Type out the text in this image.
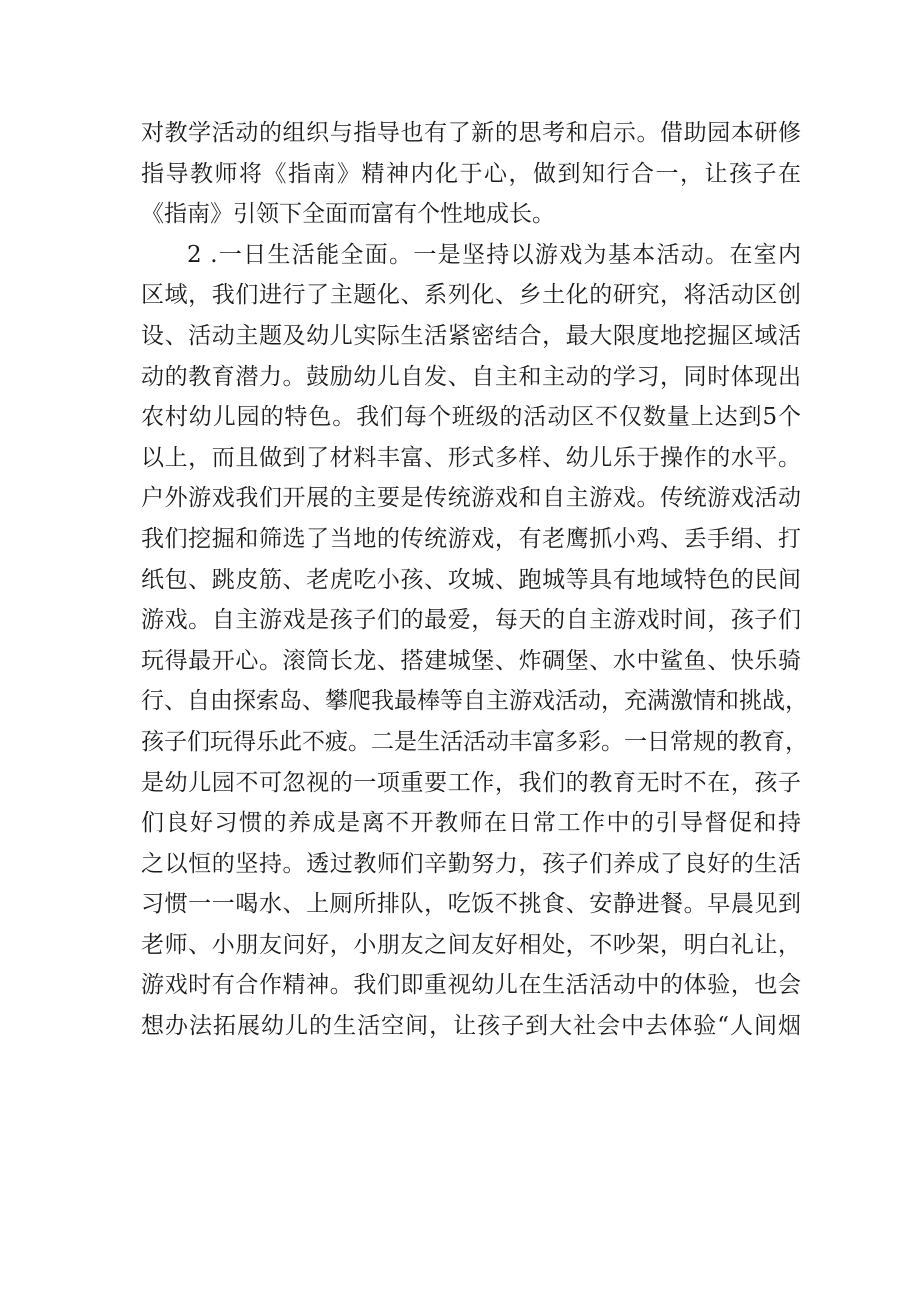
对教学活动的组织与指导也有了新的思考和启示。借助园本研修
指导教师将《指南》精神内化于心，做到知行合一，让孩子在
《指南》引领下全面而富有个性地成长。
2 .一日生活能全面。一是坚持以游戏为基本活动。在室内
区域，我们进行了主题化、系列化、乡土化的研究，将活动区创
设、活动主题及幼儿实际生活紧密结合，最大限度地挖掘区域活
动的教育潜力。鼓励幼儿自发、自主和主动的学习，同时体现出
农村幼儿园的特色。我们每个班级的活动区不仅数量上达到5个
以上，而且做到了材料丰富、形式多样、幼儿乐于操作的水平。
户外游戏我们开展的主要是传统游戏和自主游戏。传统游戏活动
我们挖掘和筛选了当地的传统游戏，有老鹰抓小鸡、丢手绢、打
纸包、跳皮筋、老虎吃小孩、攻城、跑城等具有地域特色的民间
游戏。自主游戏是孩子们的最爱，每天的自主游戏时间，孩子们
玩得最开心。滚筒长龙、搭建城堡、炸碉堡、水中鲨鱼、快乐骑
行、自由探索岛、攀爬我最棒等自主游戏活动，充满激情和挑战，
孩子们玩得乐此不疲。二是生活活动丰富多彩。一日常规的教育，
是幼儿园不可忽视的一项重要工作，我们的教育无时不在，孩子
们良好习惯的养成是离不开教师在日常工作中的引导督促和持
之以恒的坚持。透过教师们辛勤努力，孩子们养成了良好的生活
习惯一一喝水、上厕所排队，吃饭不挑食、安静进餐。早晨见到
老师、小朋友问好，小朋友之间友好相处，不吵架，明白礼让，
游戏时有合作精神。我们即重视幼儿在生活活动中的体验，也会
想办法拓展幼儿的生活空间，让孩子到大社会中去体验“人间烟
